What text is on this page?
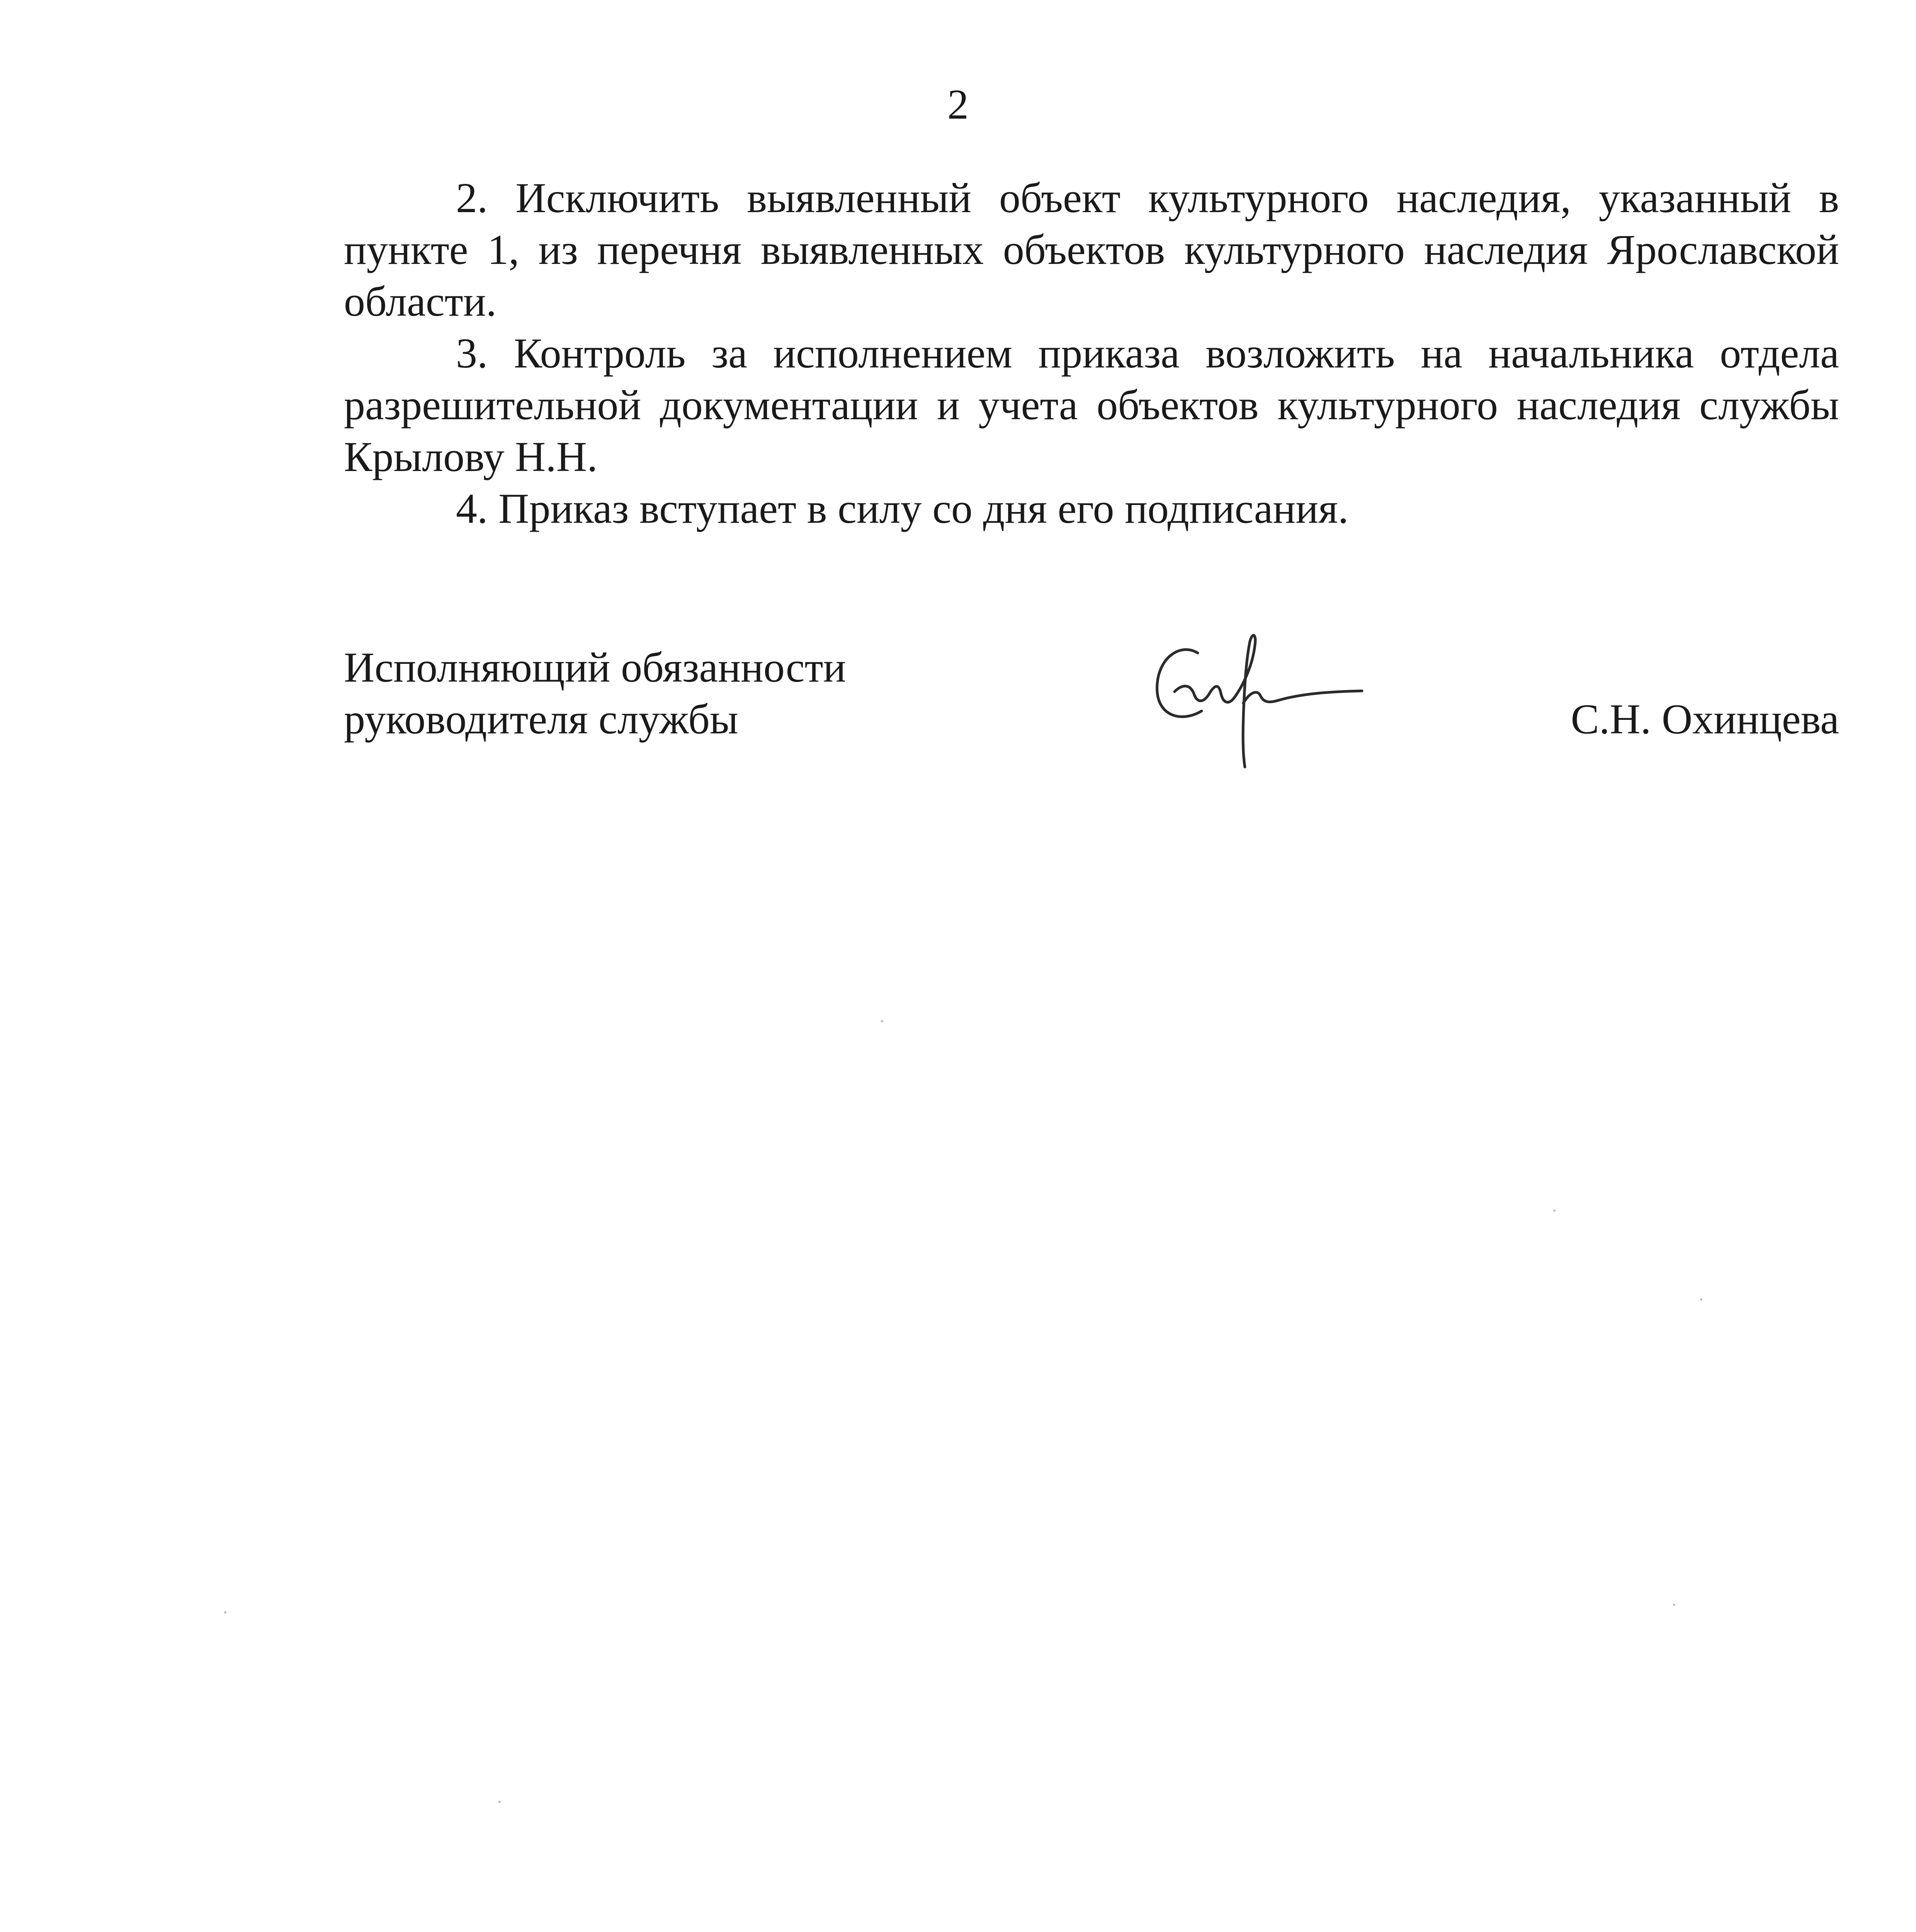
2

2. Исключить выявленный объект культурного наследия, указанный в пункте 1, из перечня выявленных объектов культурного наследия Ярославской области.

3. Контроль за исполнением приказа возложить на начальника отдела разрешительной документации и учета объектов культурного наследия службы Крылову Н.Н.

4. Приказ вступает в силу со дня его подписания.

Исполняющий обязанности
руководителя службы	С.Н. Охинцева
